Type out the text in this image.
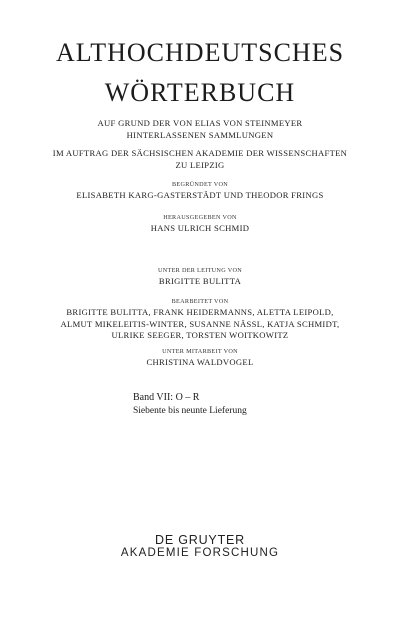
ALTHOCHDEUTSCHES
WÖRTERBUCH

AUF GRUND DER VON ELIAS VON STEINMEYER

HINTERLASSENEN SAMMLUNGEN

IM AUFTRAG DER SÄCHSISCHEN AKADEMIE DER WISSENSCHAFTEN

ZU LEIPZIG

BEGRÜNDET VON
ELISABETH KARG-GASTERSTÄDT UND THEODOR FRINGS
HERAUSGEGEBEN VON
HANS ULRICH SCHMID
UNTER DER LEITUNG VON
BRIGITTE BULITTA
BEARBEITET VON

BRIGITTE BULITTA, FRANK HEIDERMANNS, ALETTA LEIPOLD,

ALMUT MIKELEITIS-WINTER, SUSANNE NÄSSL, KATJA SCHMIDT,

ULRIKE SEEGER, TORSTEN WOITKOWITZ

UNTER MITARBEIT VON
CHRISTINA WALDVOGEL
Band VII: O – R
Siebente bis neunte Lieferung
DE GRUYTER
AKADEMIE FORSCHUNG
